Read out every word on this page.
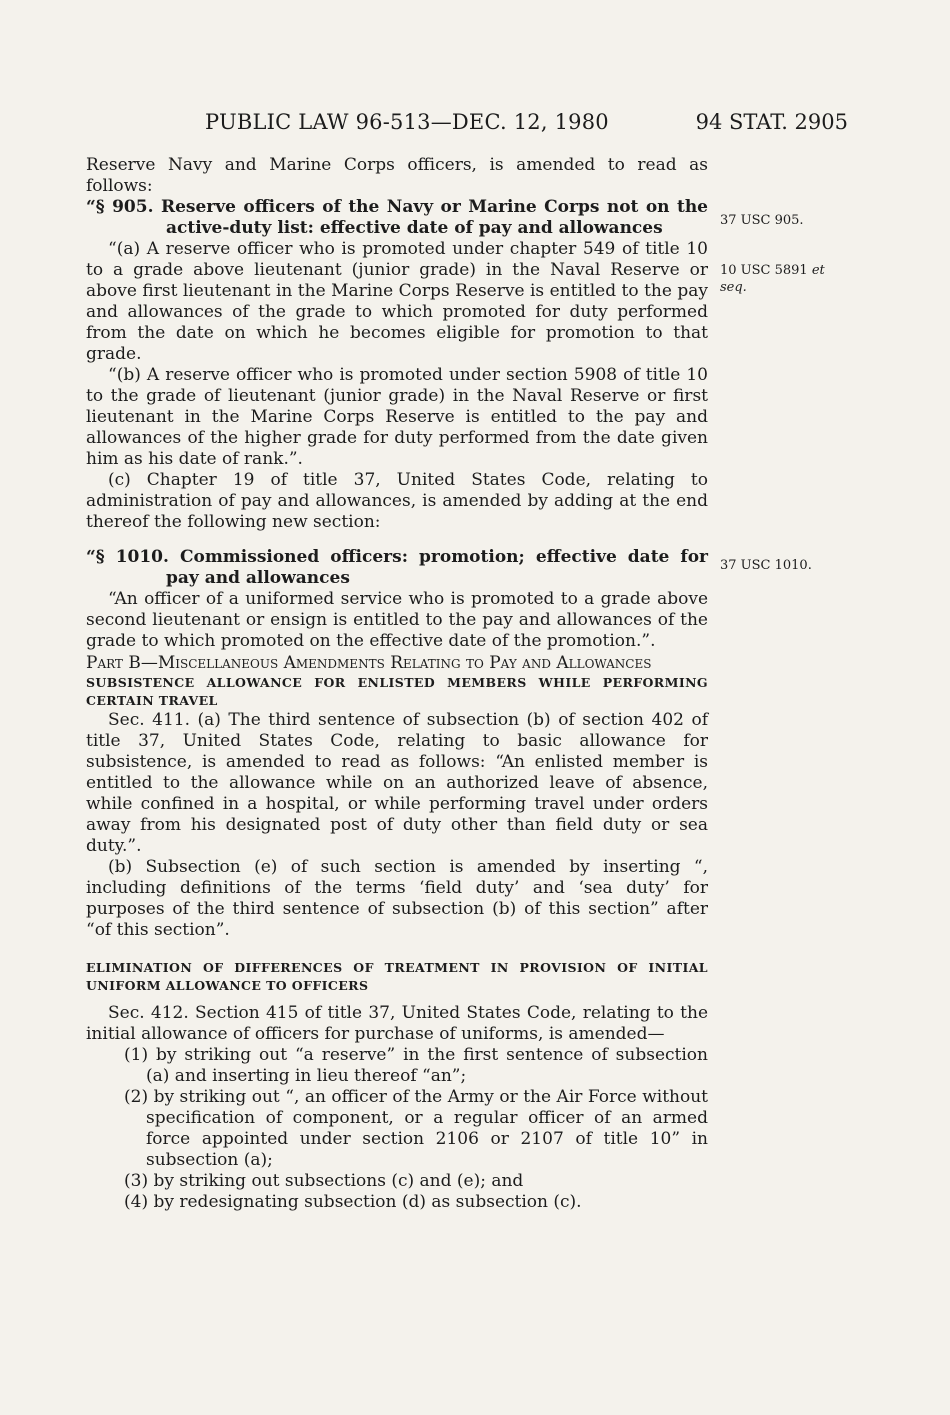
PUBLIC LAW 96-513—DEC. 12, 1980	94 STAT. 2905
37 USC 905.
10 USC 5891 et seq.
37 USC 1010.

Reserve Navy and Marine Corps officers, is amended to read as follows:

“§ 905. Reserve officers of the Navy or Marine Corps not on the active-duty list: effective date of pay and allowances

“(a) A reserve officer who is promoted under chapter 549 of title 10 to a grade above lieutenant (junior grade) in the Naval Reserve or above first lieutenant in the Marine Corps Reserve is entitled to the pay and allowances of the grade to which promoted for duty performed from the date on which he becomes eligible for promotion to that grade.

“(b) A reserve officer who is promoted under section 5908 of title 10 to the grade of lieutenant (junior grade) in the Naval Reserve or first lieutenant in the Marine Corps Reserve is entitled to the pay and allowances of the higher grade for duty performed from the date given him as his date of rank.”.

(c) Chapter 19 of title 37, United States Code, relating to administration of pay and allowances, is amended by adding at the end thereof the following new section:

“§ 1010. Commissioned officers: promotion; effective date for pay and allowances

“An officer of a uniformed service who is promoted to a grade above second lieutenant or ensign is entitled to the pay and allowances of the grade to which promoted on the effective date of the promotion.”.

Part B—Miscellaneous Amendments Relating to Pay and Allowances

SUBSISTENCE ALLOWANCE FOR ENLISTED MEMBERS WHILE PERFORMING CERTAIN TRAVEL

Sec. 411. (a) The third sentence of subsection (b) of section 402 of title 37, United States Code, relating to basic allowance for subsistence, is amended to read as follows: “An enlisted member is entitled to the allowance while on an authorized leave of absence, while confined in a hospital, or while performing travel under orders away from his designated post of duty other than field duty or sea duty.”.

(b) Subsection (e) of such section is amended by inserting “, including definitions of the terms ‘field duty’ and ‘sea duty’ for purposes of the third sentence of subsection (b) of this section” after “of this section”.

ELIMINATION OF DIFFERENCES OF TREATMENT IN PROVISION OF INITIAL UNIFORM ALLOWANCE TO OFFICERS

Sec. 412. Section 415 of title 37, United States Code, relating to the initial allowance of officers for purchase of uniforms, is amended—

(1) by striking out “a reserve” in the first sentence of subsection (a) and inserting in lieu thereof “an”;

(2) by striking out “, an officer of the Army or the Air Force without specification of component, or a regular officer of an armed force appointed under section 2106 or 2107 of title 10” in subsection (a);

(3) by striking out subsections (c) and (e); and

(4) by redesignating subsection (d) as subsection (c).
